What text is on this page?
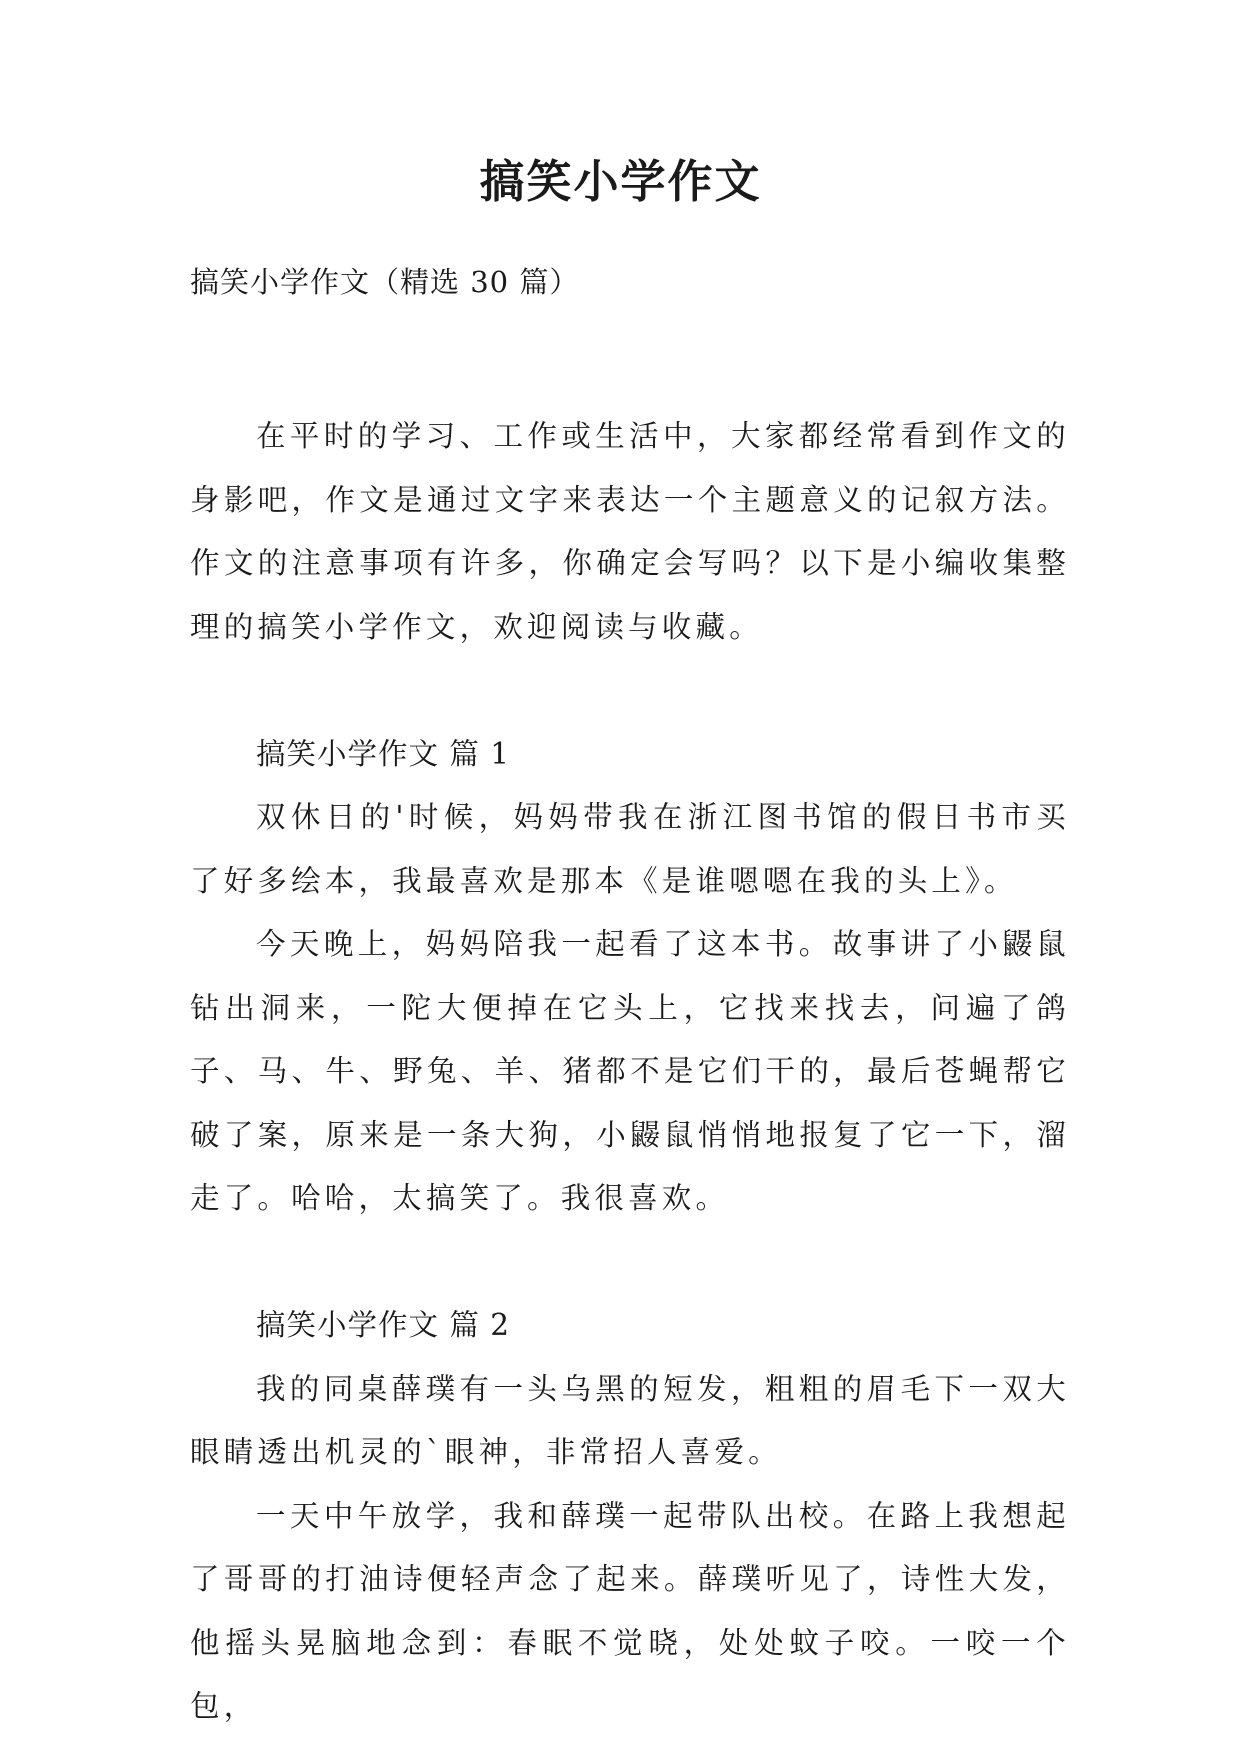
搞笑小学作文

搞笑小学作文（精选 30 篇）

在平时的学习、工作或生活中，大家都经常看到作文的身影吧，作文是通过文字来表达一个主题意义的记叙方法。作文的注意事项有许多，你确定会写吗？以下是小编收集整理的搞笑小学作文，欢迎阅读与收藏。

搞笑小学作文 篇 1

双休日的'时候，妈妈带我在浙江图书馆的假日书市买了好多绘本，我最喜欢是那本《是谁嗯嗯在我的头上》。

今天晚上，妈妈陪我一起看了这本书。故事讲了小鼹鼠钻出洞来，一陀大便掉在它头上，它找来找去，问遍了鸽子、马、牛、野兔、羊、猪都不是它们干的，最后苍蝇帮它破了案，原来是一条大狗，小鼹鼠悄悄地报复了它一下，溜走了。哈哈，太搞笑了。我很喜欢。

搞笑小学作文 篇 2

我的同桌薛璞有一头乌黑的短发，粗粗的眉毛下一双大眼睛透出机灵的`眼神，非常招人喜爱。

一天中午放学，我和薛璞一起带队出校。在路上我想起了哥哥的打油诗便轻声念了起来。薛璞听见了，诗性大发，他摇头晃脑地念到：春眠不觉晓，处处蚊子咬。一咬一个包，
